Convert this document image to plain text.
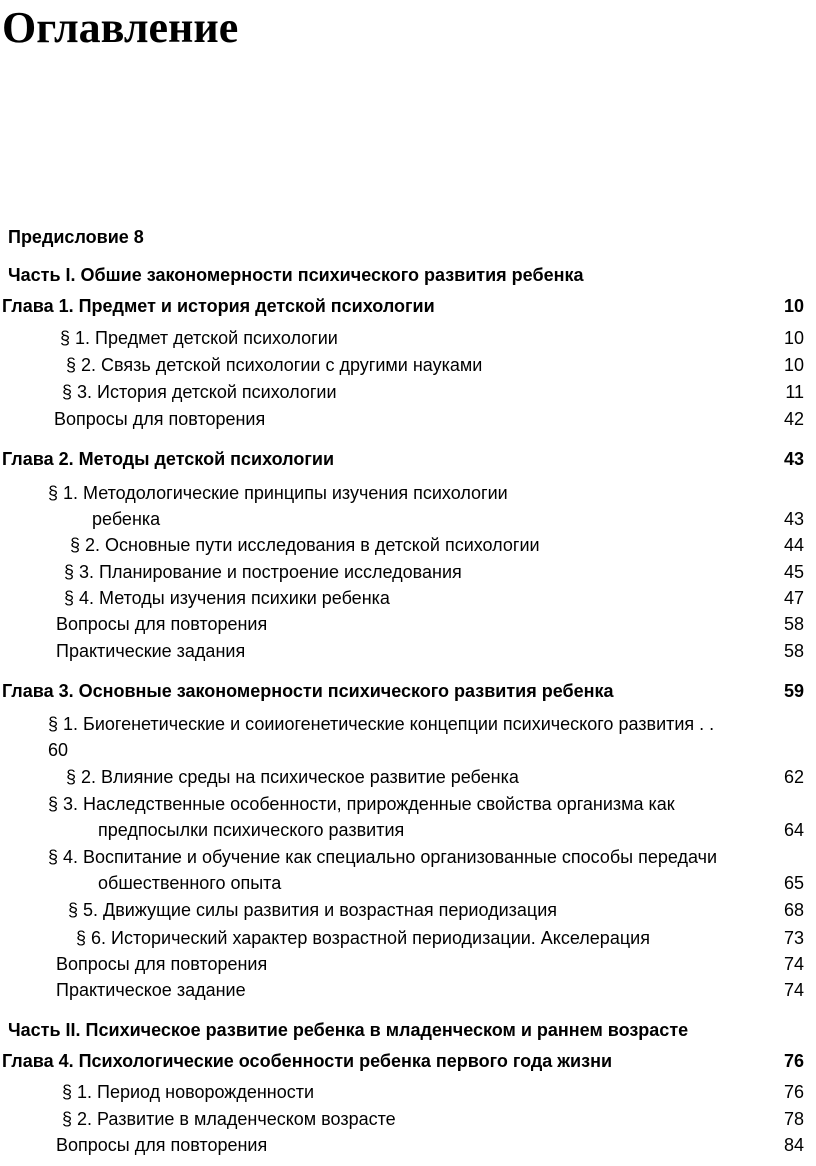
Оглавление
Предисловие 8
Часть I. Обшие закономерности психического развития ребенка
Глава 1. Предмет и история детской психологии	10
§ 1. Предмет детской психологии	10
§ 2. Связь детской психологии с другими науками	10
§ 3. История детской психологии	11
Вопросы для повторения	42
Глава 2. Методы детской психологии	43
§ 1. Методологические принципы изучения психологии
ребенка	43
§ 2. Основные пути исследования в детской психологии	44
§ 3. Планирование и построение исследования	45
§ 4. Методы изучения психики ребенка	47
Вопросы для повторения	58
Практические задания	58
Глава 3. Основные закономерности психического развития ребенка	59
§ 1. Биогенетические и соииогенетические концепции психического развития . .
60
§ 2. Влияние среды на психическое развитие ребенка	62
§ 3. Наследственные особенности, прирожденные свойства организма как
предпосылки психического развития	64
§ 4. Воспитание и обучение как специально организованные способы передачи
обшественного опыта	65
§ 5. Движущие силы развития и возрастная периодизация	68
§ 6. Исторический характер возрастной периодизации. Акселерация	73
Вопросы для повторения	74
Практическое задание	74
Часть II. Психическое развитие ребенка в младенческом и раннем возрасте
Глава 4. Психологические особенности ребенка первого года жизни	76
§ 1. Период новорожденности	76
§ 2. Развитие в младенческом возрасте	78
Вопросы для повторения	84
